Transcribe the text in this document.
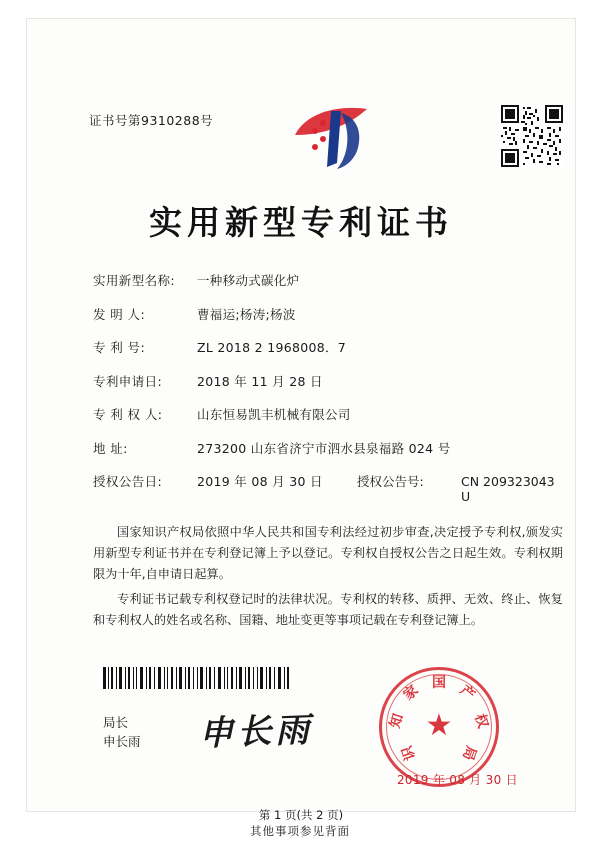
证书号第9310288号
实用新型专利证书
实用新型名称:	一种移动式碳化炉
发 明 人:	曹福运;杨涛;杨波
专 利 号:	ZL 2018 2 1968008．7
专利申请日:	2018 年 11 月 28 日
专 利 权 人:	山东恒易凯丰机械有限公司
地 址:	273200 山东省济宁市泗水县泉福路 024 号
授权公告日:	2019 年 08 月 30 日	授权公告号:	CN 209323043 U

国家知识产权局依照中华人民共和国专利法经过初步审查,决定授予专利权,颁发实用新型专利证书并在专利登记簿上予以登记。专利权自授权公告之日起生效。专利权期限为十年,自申请日起算。

专利证书记载专利权登记时的法律状况。专利权的转移、质押、无效、终止、恢复和专利权人的姓名或名称、国籍、地址变更等事项记载在专利登记簿上。

局长
申长雨 申长雨	★
国
家
知
识
产
权
局
2019 年 08 月 30 日
第 1 页(共 2 页)
其他事项参见背面
